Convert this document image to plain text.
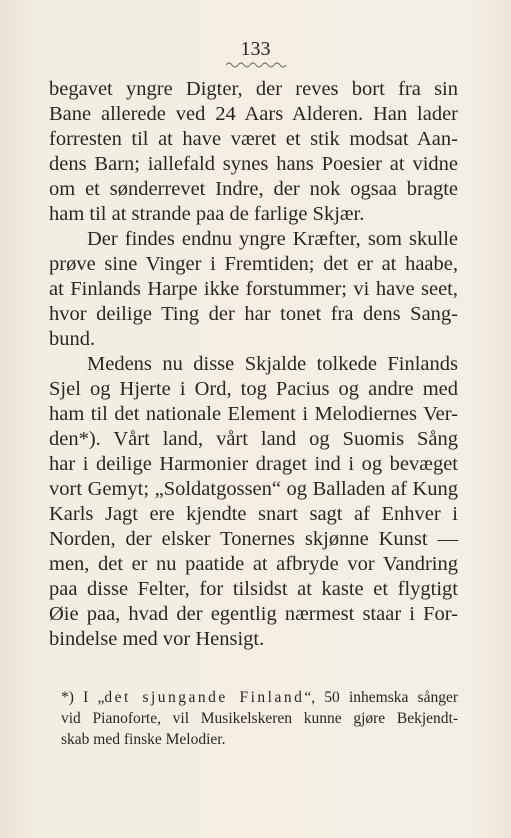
133
begavet yngre Digter, der reves bort fra sin
Bane allerede ved 24 Aars Alderen. Han lader
forresten til at have været et stik modsat Aan-
dens Barn; iallefald synes hans Poesier at vidne
om et sønderrevet Indre, der nok ogsaa bragte
ham til at strande paa de farlige Skjær.
Der findes endnu yngre Kræfter, som skulle
prøve sine Vinger i Fremtiden; det er at haabe,
at Finlands Harpe ikke forstummer; vi have seet,
hvor deilige Ting der har tonet fra dens Sang-
bund.
Medens nu disse Skjalde tolkede Finlands
Sjel og Hjerte i Ord, tog Pacius og andre med
ham til det nationale Element i Melodiernes Ver-
den*). Vårt land, vårt land og Suomis Sång
har i deilige Harmonier draget ind i og bevæget
vort Gemyt; „Soldatgossen“ og Balladen af Kung
Karls Jagt ere kjendte snart sagt af Enhver i
Norden, der elsker Tonernes skjønne Kunst —
men, det er nu paatide at afbryde vor Vandring
paa disse Felter, for tilsidst at kaste et flygtigt
Øie paa, hvad der egentlig nærmest staar i For-
bindelse med vor Hensigt.
*) I „det sjungande Finland“, 50 inhemska sånger
vid Pianoforte, vil Musikelskeren kunne gjøre Bekjendt-
skab med finske Melodier.
